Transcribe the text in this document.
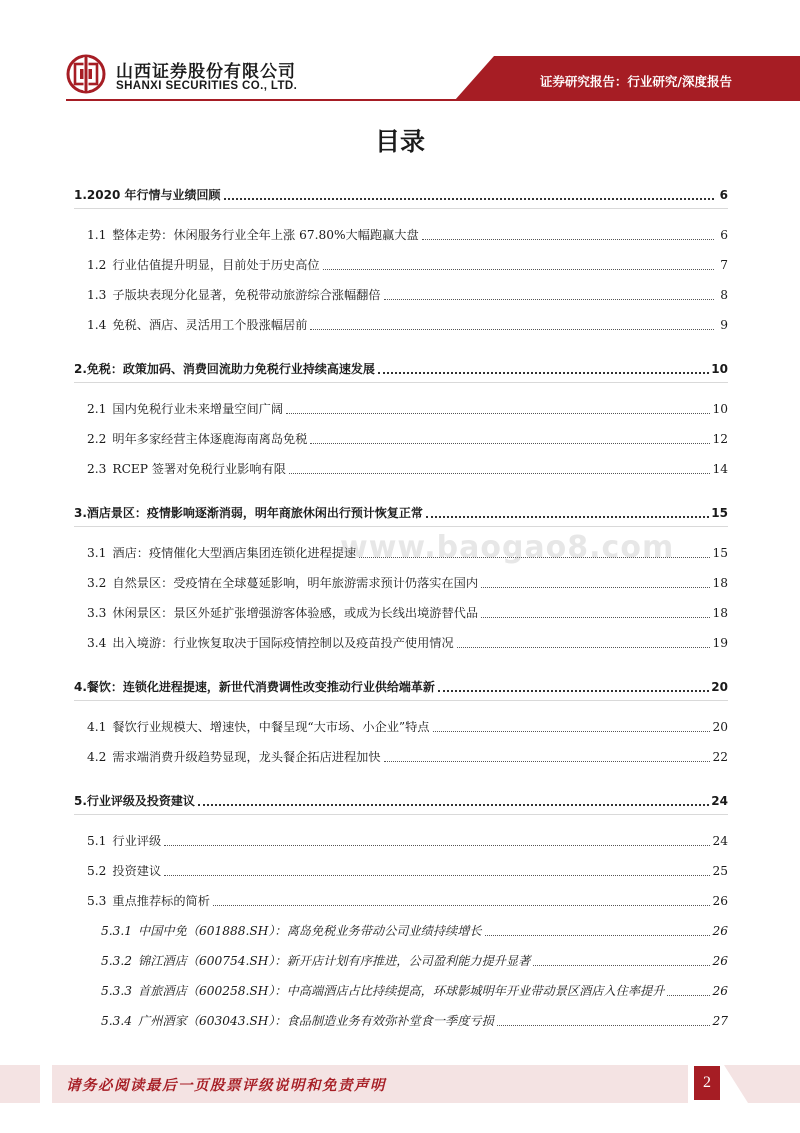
山西证券股份有限公司
SHANXI SECURITIES CO., LTD.	证券研究报告：行业研究/深度报告
目录
1. 2020 年行情与业绩回顾	6
1.1 整体走势：休闲服务行业全年上涨 67.80%大幅跑赢大盘	6
1.2 行业估值提升明显，目前处于历史高位	7
1.3 子版块表现分化显著，免税带动旅游综合涨幅翻倍	8
1.4 免税、酒店、灵活用工个股涨幅居前	9
2. 免税：政策加码、消费回流助力免税行业持续高速发展	10
2.1 国内免税行业未来增量空间广阔	10
2.2 明年多家经营主体逐鹿海南离岛免税	12
2.3 RCEP 签署对免税行业影响有限	14
3. 酒店景区：疫情影响逐渐消弱，明年商旅休闲出行预计恢复正常	15
3.1 酒店：疫情催化大型酒店集团连锁化进程提速	15
3.2 自然景区：受疫情在全球蔓延影响，明年旅游需求预计仍落实在国内	18
3.3 休闲景区：景区外延扩张增强游客体验感，或成为长线出境游替代品	18
3.4 出入境游：行业恢复取决于国际疫情控制以及疫苗投产使用情况	19
4. 餐饮：连锁化进程提速，新世代消费调性改变推动行业供给端革新	20
4.1 餐饮行业规模大、增速快，中餐呈现“大市场、小企业”特点	20
4.2 需求端消费升级趋势显现，龙头餐企拓店进程加快	22
5. 行业评级及投资建议	24
5.1 行业评级	24
5.2 投资建议	25
5.3 重点推荐标的简析	26
5.3.1 中国中免（601888.SH）：离岛免税业务带动公司业绩持续增长	26
5.3.2 锦江酒店（600754.SH）：新开店计划有序推进，公司盈利能力提升显著	26
5.3.3 首旅酒店（600258.SH）：中高端酒店占比持续提高，环球影城明年开业带动景区酒店入住率提升	26
5.3.4 广州酒家（603043.SH）：食品制造业务有效弥补堂食一季度亏损	27
www.baogao8.com
请务必阅读最后一页股票评级说明和免责声明	2
